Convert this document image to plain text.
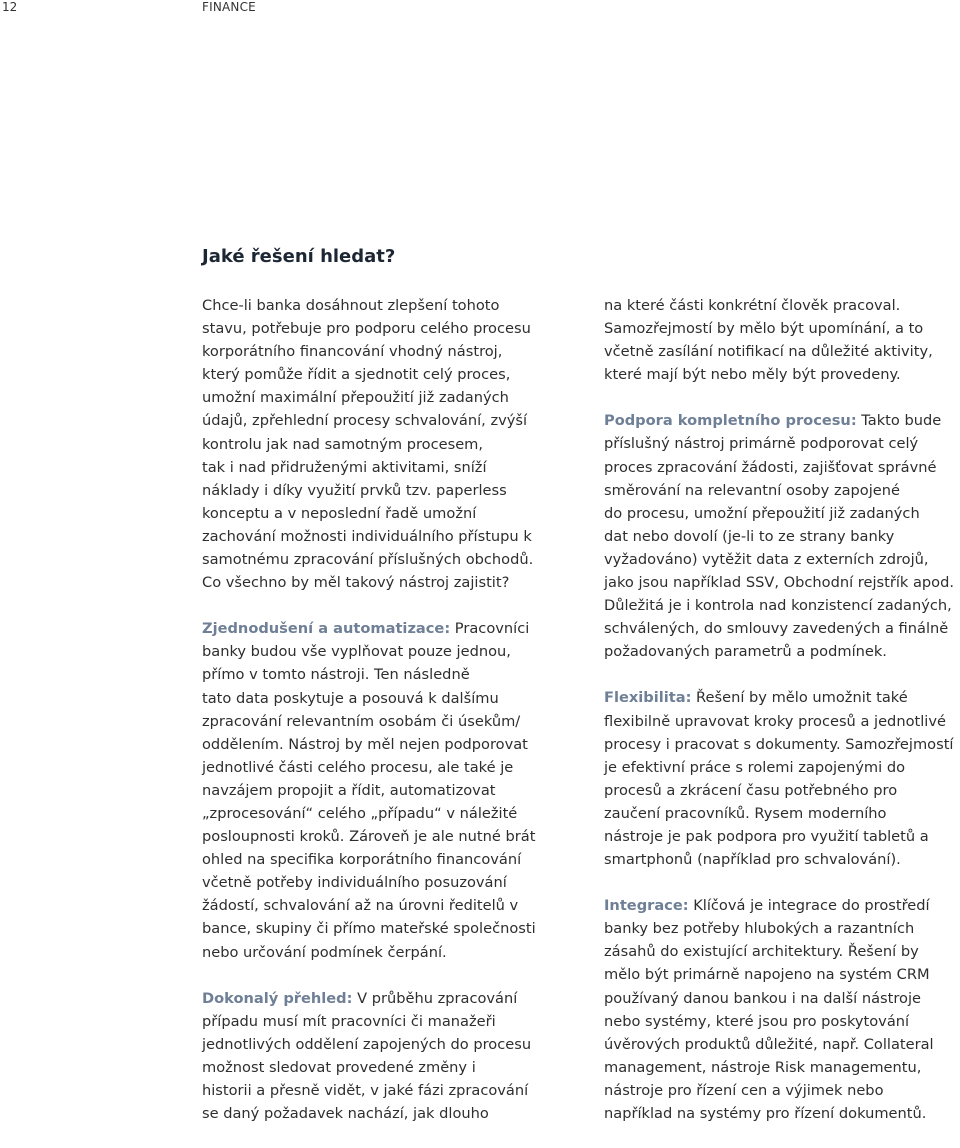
12	FINANCE
Jaké řešení hledat?

Chce-li banka dosáhnout zlepšení tohoto
stavu, potřebuje pro podporu celého procesu
korporátního financování vhodný nástroj,
který pomůže řídit a sjednotit celý proces,
umožní maximální přepoužití již zadaných
údajů, zpřehlední procesy schvalování, zvýší
kontrolu jak nad samotným procesem,
tak i nad přidruženými aktivitami, sníží
náklady i díky využití prvků tzv. paperless
konceptu a v neposlední řadě umožní
zachování možnosti individuálního přístupu k
samotnému zpracování příslušných obchodů.
Co všechno by měl takový nástroj zajistit?

Zjednodušení a automatizace: Pracovníci
banky budou vše vyplňovat pouze jednou,
přímo v tomto nástroji. Ten následně
tato data poskytuje a posouvá k dalšímu
zpracování relevantním osobám či úsekům/
oddělením. Nástroj by měl nejen podporovat
jednotlivé části celého procesu, ale také je
navzájem propojit a řídit, automatizovat
„zprocesování“ celého „případu“ v náležité
posloupnosti kroků. Zároveň je ale nutné brát
ohled na specifika korporátního financování
včetně potřeby individuálního posuzování
žádostí, schvalování až na úrovni ředitelů v
bance, skupiny či přímo mateřské společnosti
nebo určování podmínek čerpání.

Dokonalý přehled: V průběhu zpracování
případu musí mít pracovníci či manažeři
jednotlivých oddělení zapojených do procesu
možnost sledovat provedené změny i
historii a přesně vidět, v jaké fázi zpracování
se daný požadavek nachází, jak dlouho

na které části konkrétní člověk pracoval.
Samozřejmostí by mělo být upomínání, a to
včetně zasílání notifikací na důležité aktivity,
které mají být nebo měly být provedeny.

Podpora kompletního procesu: Takto bude
příslušný nástroj primárně podporovat celý
proces zpracování žádosti, zajišťovat správné
směrování na relevantní osoby zapojené
do procesu, umožní přepoužití již zadaných
dat nebo dovolí (je-li to ze strany banky
vyžadováno) vytěžit data z externích zdrojů,
jako jsou například SSV, Obchodní rejstřík apod.
Důležitá je i kontrola nad konzistencí zadaných,
schválených, do smlouvy zavedených a finálně
požadovaných parametrů a podmínek.

Flexibilita: Řešení by mělo umožnit také
flexibilně upravovat kroky procesů a jednotlivé
procesy i pracovat s dokumenty. Samozřejmostí
je efektivní práce s rolemi zapojenými do
procesů a zkrácení času potřebného pro
zaučení pracovníků. Rysem moderního
nástroje je pak podpora pro využití tabletů a
smartphonů (například pro schvalování).

Integrace: Klíčová je integrace do prostředí
banky bez potřeby hlubokých a razantních
zásahů do existující architektury. Řešení by
mělo být primárně napojeno na systém CRM
používaný danou bankou i na další nástroje
nebo systémy, které jsou pro poskytování
úvěrových produktů důležité, např. Collateral
management, nástroje Risk managementu,
nástroje pro řízení cen a výjimek nebo
například na systémy pro řízení dokumentů.
